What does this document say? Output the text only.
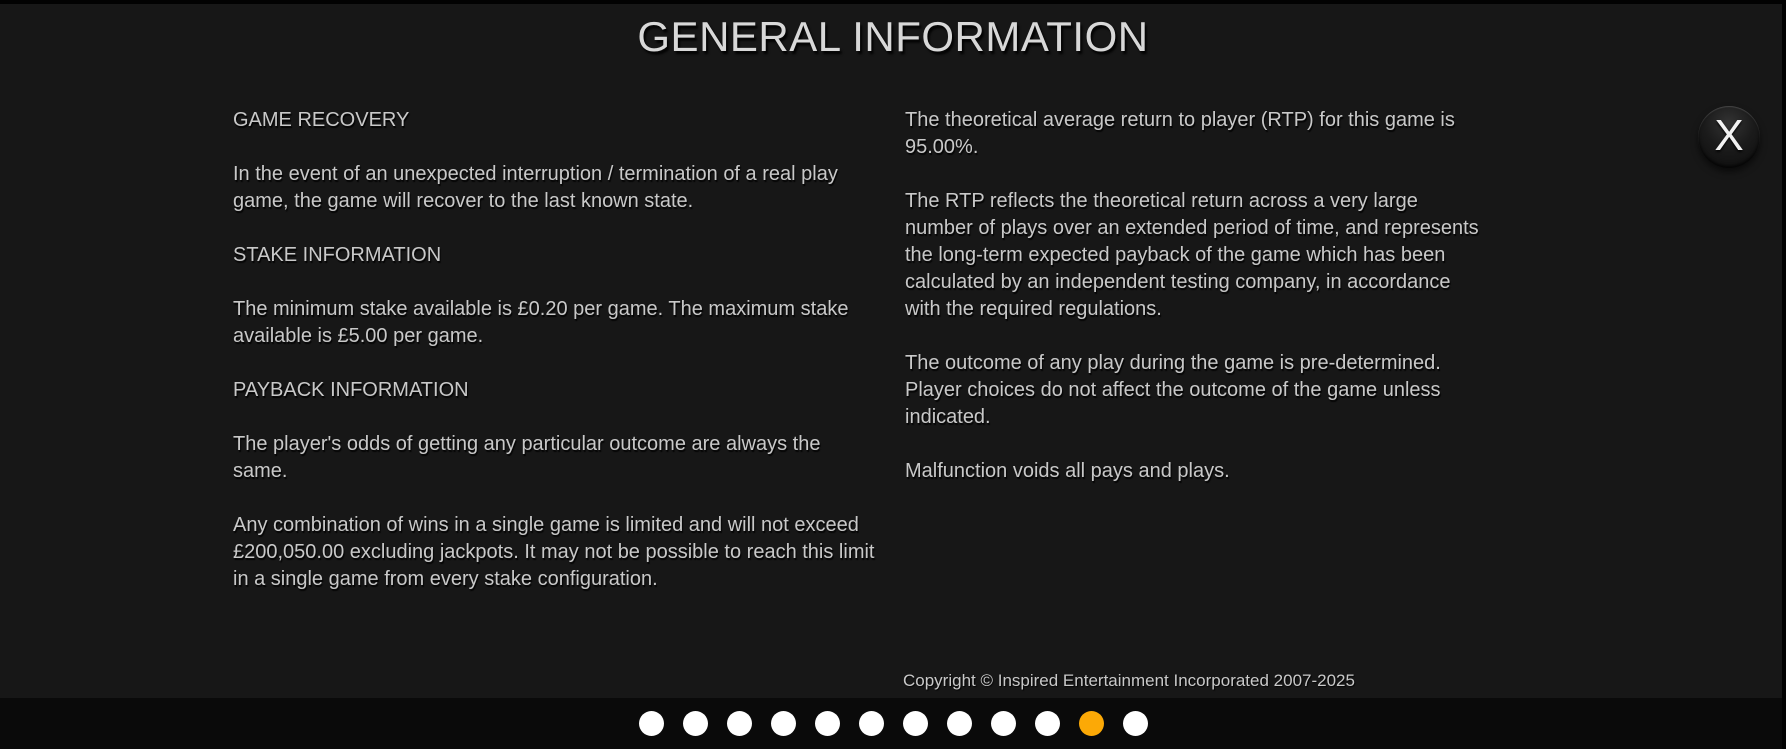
GENERAL INFORMATION
X
GAME RECOVERY
In the event of an unexpected interruption / termination of a real play game, the game will recover to the last known state.
STAKE INFORMATION
The minimum stake available is £0.20 per game. The maximum stake available is £5.00 per game.
PAYBACK INFORMATION
The player's odds of getting any particular outcome are always the same.
Any combination of wins in a single game is limited and will not exceed £200,050.00 excluding jackpots. It may not be possible to reach this limit in a single game from every stake configuration.
The theoretical average return to player (RTP) for this game is 95.00%.
The RTP reflects the theoretical return across a very large number of plays over an extended period of time, and represents the long-term expected payback of the game which has been calculated by an independent testing company, in accordance with the required regulations.
The outcome of any play during the game is pre-determined. Player choices do not affect the outcome of the game unless indicated.
Malfunction voids all pays and plays.
Copyright © Inspired Entertainment Incorporated 2007-2025
